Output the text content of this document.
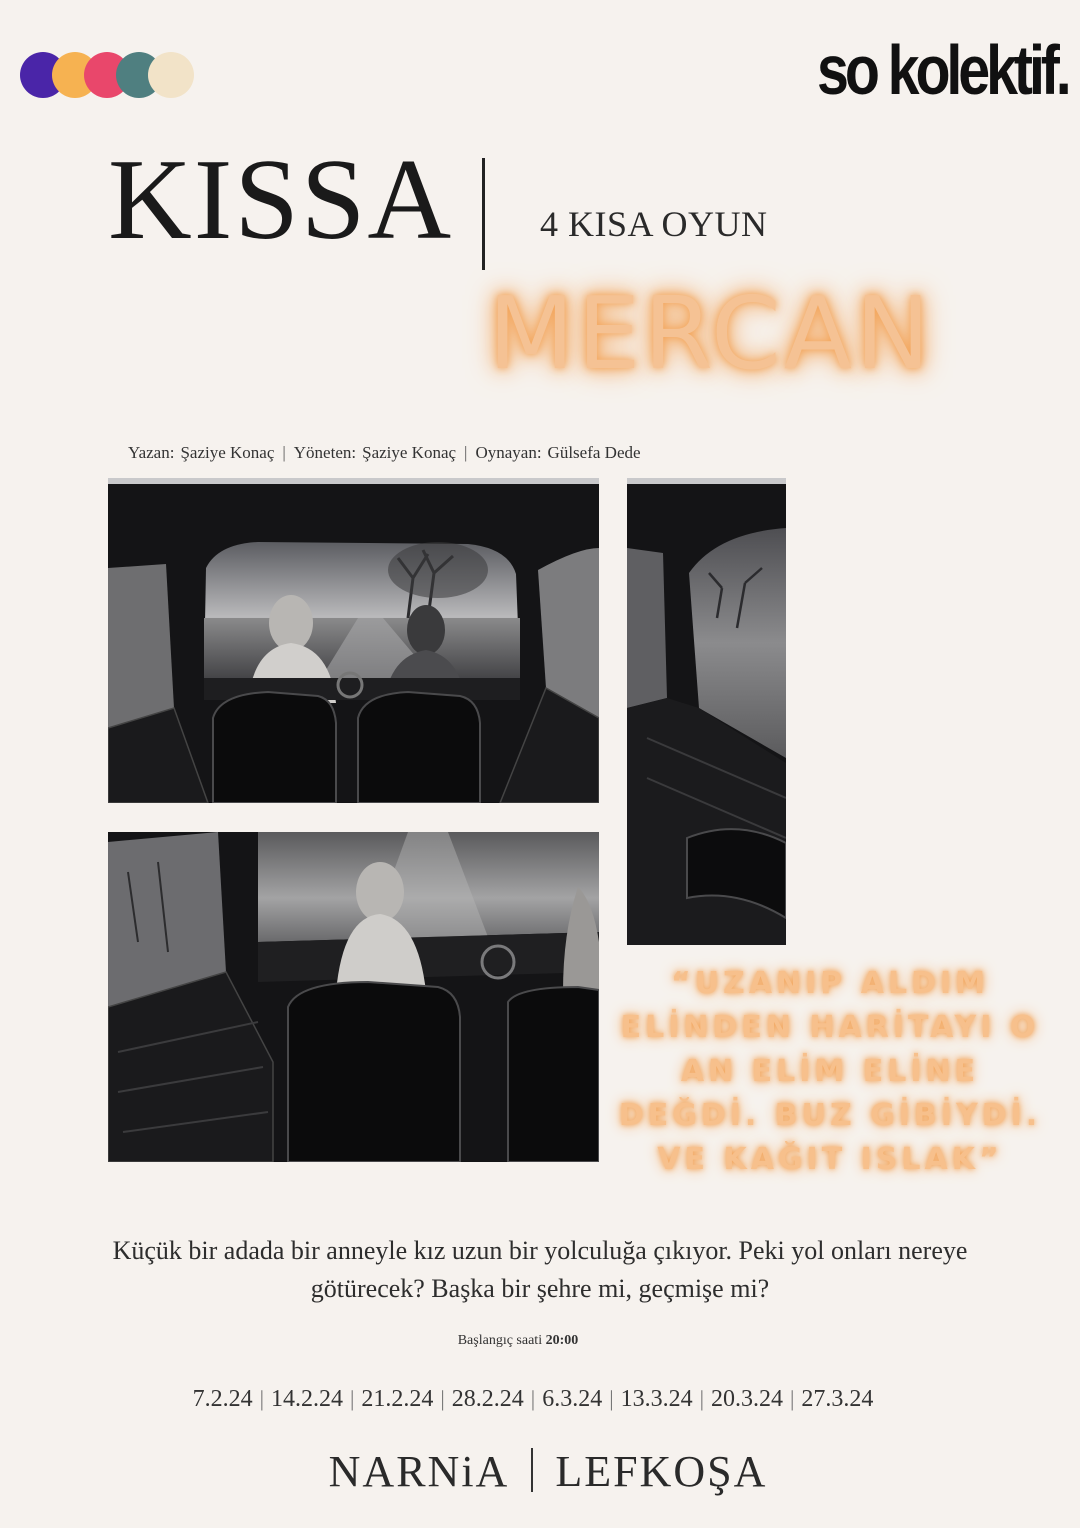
so kolektif.
KISSA 4 KISA OYUN
MERCAN
Yazan: Şaziye Konaç | Yöneten: Şaziye Konaç | Oynayan: Gülsefa Dede
“UZANIP ALDIM ELİNDEN HARİTAYI O AN ELİM ELİNE DEĞDİ. BUZ GİBİYDİ. VE KAĞIT ISLAK”
Küçük bir adada bir anneyle kız uzun bir yolculuğa çıkıyor. Peki yol onları nereye götürecek? Başka bir şehre mi, geçmişe mi?
Başlangıç saati 20:00
7.2.24 | 14.2.24 | 21.2.24 | 28.2.24 | 6.3.24 | 13.3.24 | 20.3.24 | 27.3.24
NARNiA LEFKOŞA
